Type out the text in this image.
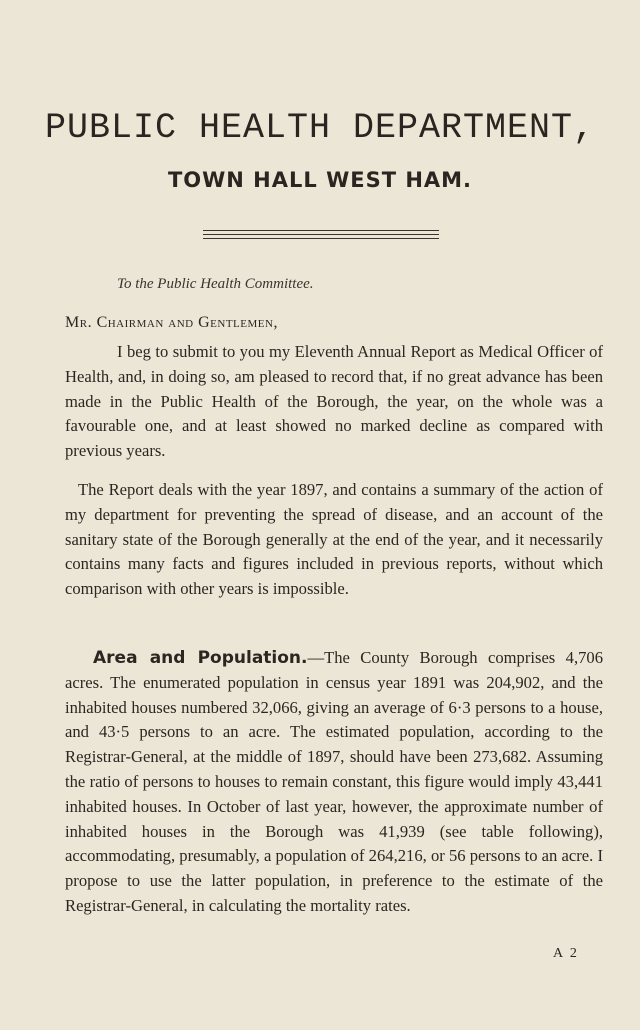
PUBLIC HEALTH DEPARTMENT,
TOWN HALL WEST HAM.
To the Public Health Committee.
Mr. Chairman and Gentlemen,

I beg to submit to you my Eleventh Annual Report as Medical Officer of Health, and, in doing so, am pleased to record that, if no great advance has been made in the Public Health of the Borough, the year, on the whole was a favourable one, and at least showed no marked decline as compared with previous years.

The Report deals with the year 1897, and contains a summary of the action of my department for preventing the spread of disease, and an account of the sanitary state of the Borough generally at the end of the year, and it necessarily contains many facts and figures included in previous reports, without which comparison with other years is impossible.

Area and Population.—The County Borough comprises 4,706 acres. The enumerated population in census year 1891 was 204,902, and the inhabited houses numbered 32,066, giving an average of 6·3 persons to a house, and 43·5 persons to an acre. The estimated population, according to the Registrar-General, at the middle of 1897, should have been 273,682. Assuming the ratio of persons to houses to remain constant, this figure would imply 43,441 inhabited houses. In October of last year, however, the approximate number of inhabited houses in the Borough was 41,939 (see table following), accommodating, presumably, a population of 264,216, or 56 persons to an acre. I propose to use the latter population, in preference to the estimate of the Registrar-General, in calculating the mortality rates.

A 2
